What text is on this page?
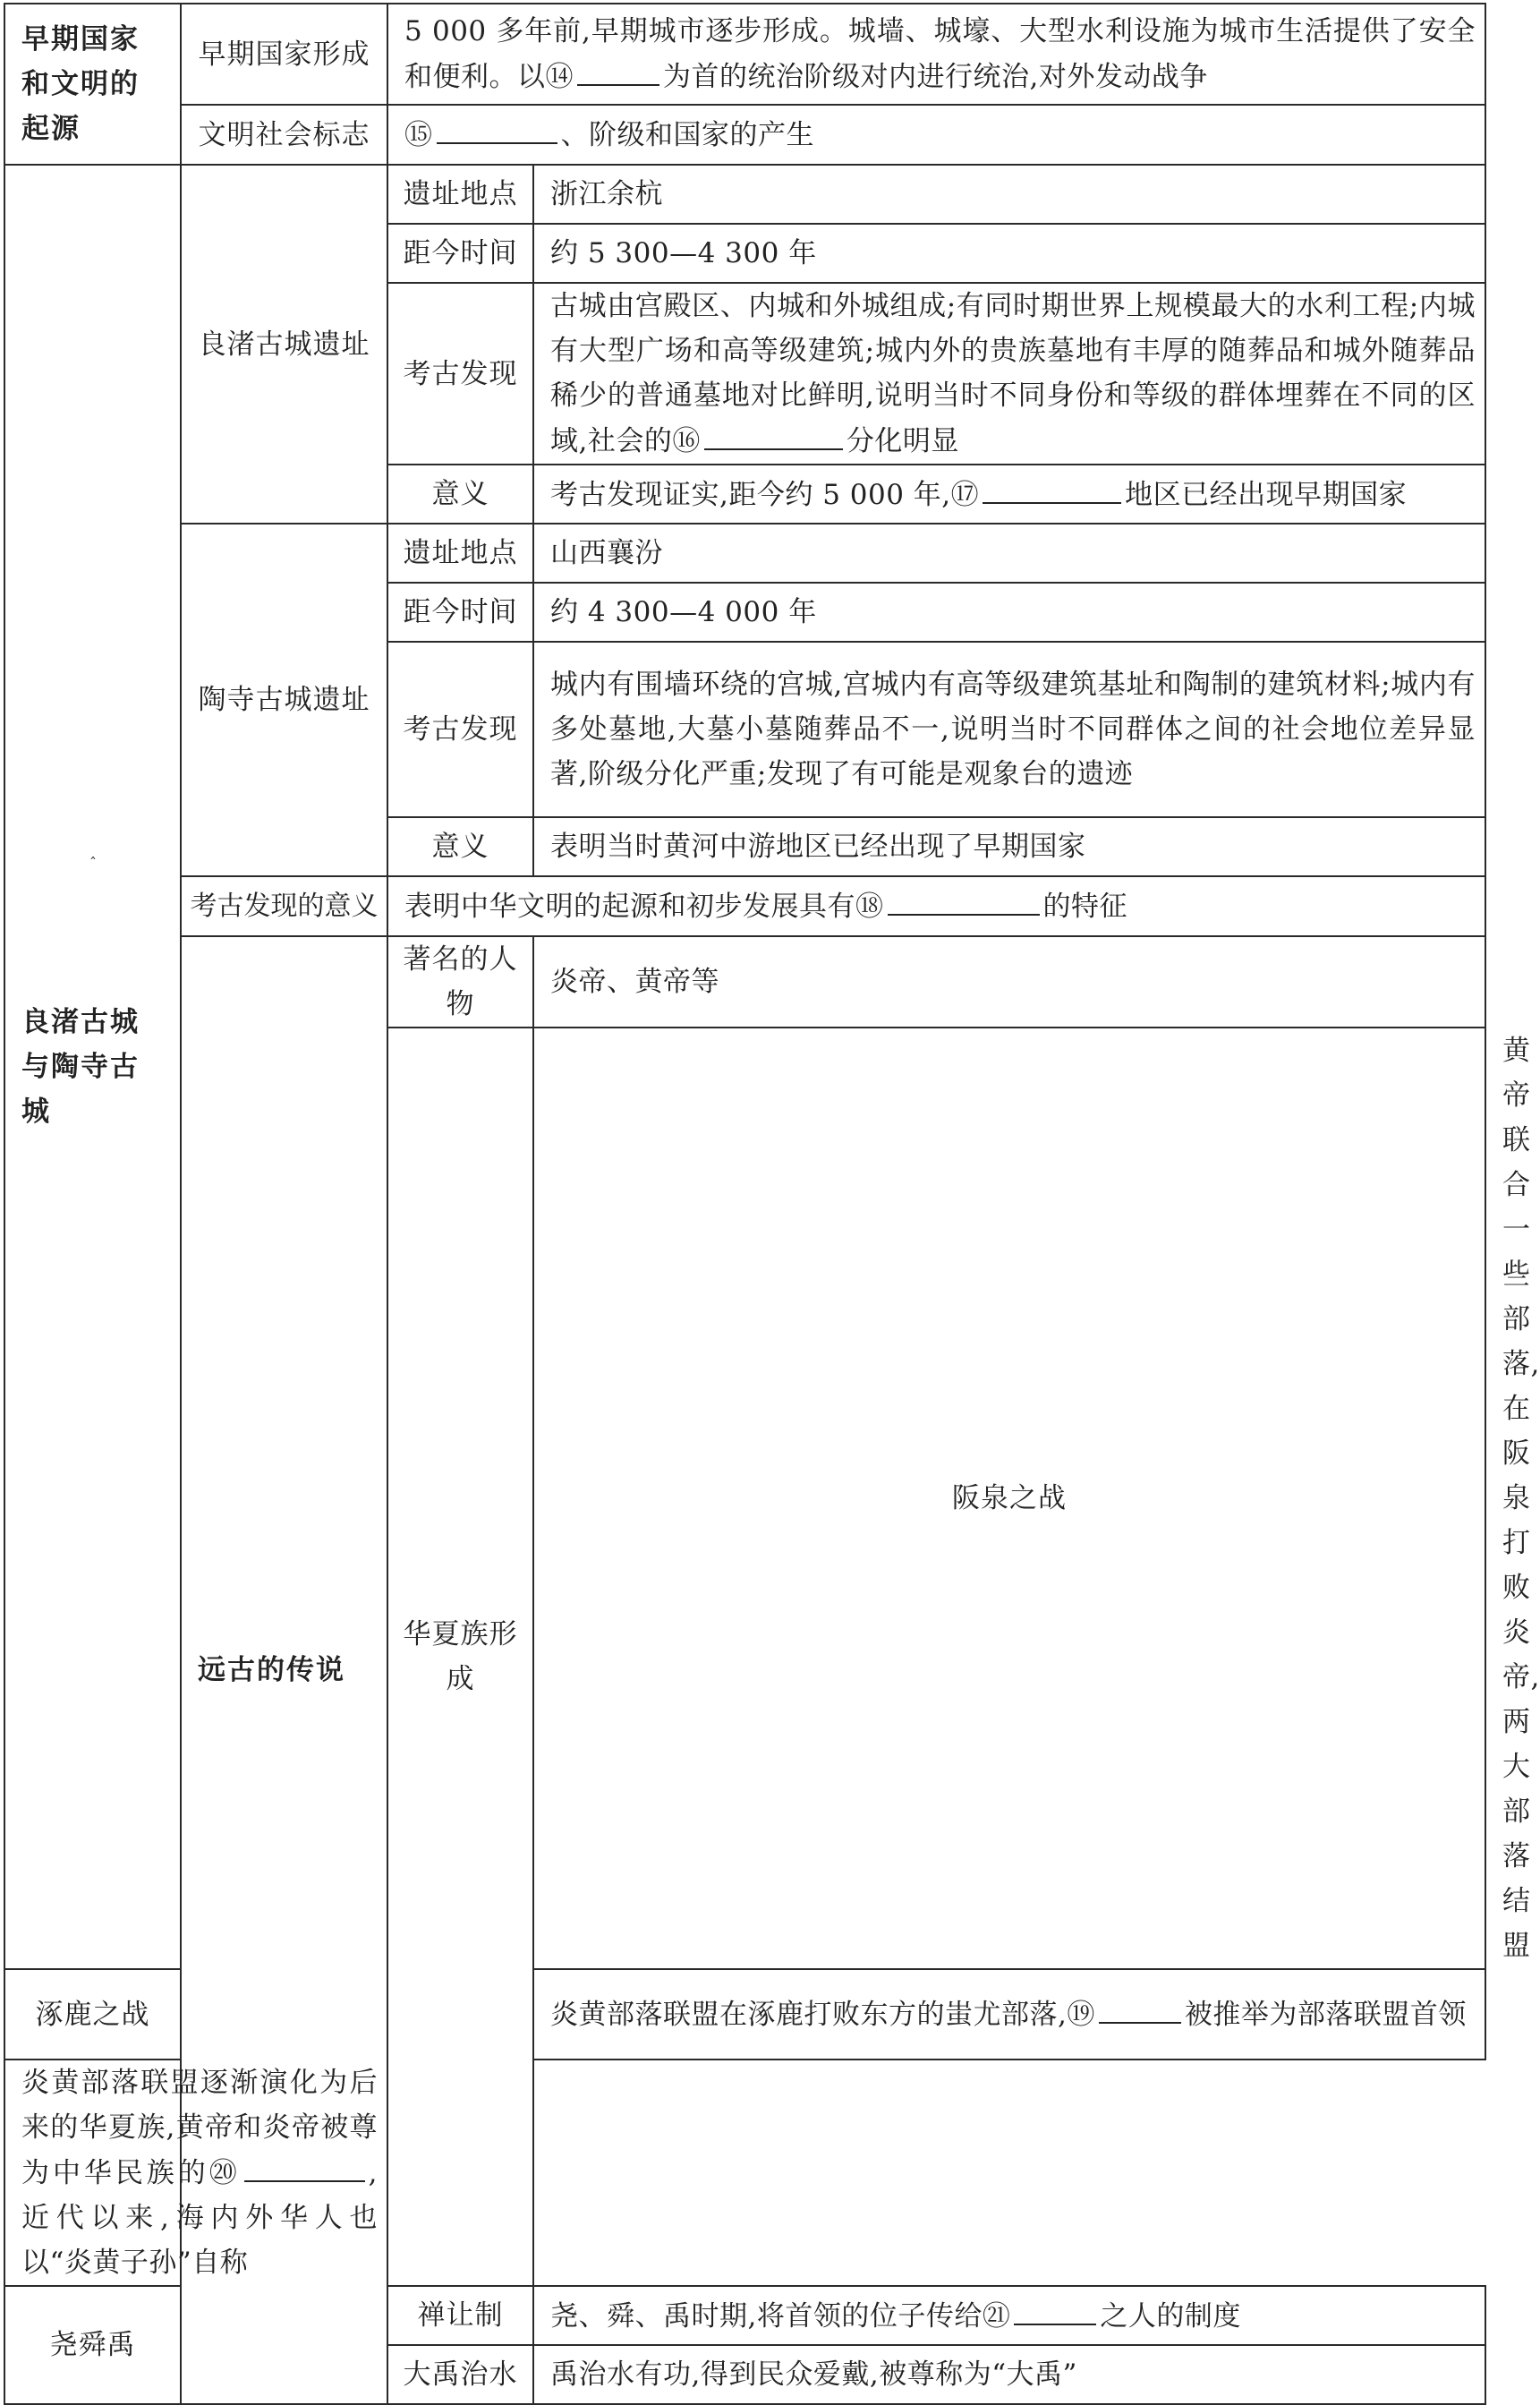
早期国家和文明的起源	早期国家形成	5 000 多年前,早期城市逐步形成。城墙、城壕、大型水利设施为城市生活提供了安全和便利。以⑭ 为首的统治阶级对内进行统治,对外发动战争		
	文明社会标志	⑮ 、阶级和国家的产生		
良渚古城与陶寺古城	良渚古城遗址	遗址地点	浙江余杭	
		距今时间	约 5 300—4 300 年	
		考古发现	古城由宫殿区、内城和外城组成;有同时期世界上规模最大的水利工程;内城有大型广场和高等级建筑;城内外的贵族墓地有丰厚的随葬品和城外随葬品稀少的普通墓地对比鲜明,说明当时不同身份和等级的群体埋葬在不同的区域,社会的⑯ 分化明显	
		意义	考古发现证实,距今约 5 000 年,⑰ 地区已经出现早期国家	
	陶寺古城遗址	遗址地点	山西襄汾	
		距今时间	约 4 300—4 000 年	
		考古发现	城内有围墙环绕的宫城,宫城内有高等级建筑基址和陶制的建筑材料;城内有多处墓地,大墓小墓随葬品不一,说明当时不同群体之间的社会地位差异显著,阶级分化严重;发现了有可能是观象台的遗迹	
		意义	表明当时黄河中游地区已经出现了早期国家	
	考古发现的意义	表明中华文明的起源和初步发展具有⑱ 的特征		
	远古的传说	著名的人物	炎帝、黄帝等	
		华夏族形成	阪泉之战	黄帝联合一些部落,在阪泉打败炎帝,两大部落结盟
涿鹿之战			炎黄部落联盟在涿鹿打败东方的蚩尤部落,⑲ 被推举为部落联盟首领	
炎黄部落联盟逐渐演化为后来的华夏族,黄帝和炎帝被尊为中华民族的⑳ ,近代以来,海内外华人也以“炎黄子孙”自称				
尧舜禹		禅让制	尧、舜、禹时期,将首领的位子传给㉑ 之人的制度	
		大禹治水	禹治水有功,得到民众爱戴,被尊称为“大禹”	
ˆ
